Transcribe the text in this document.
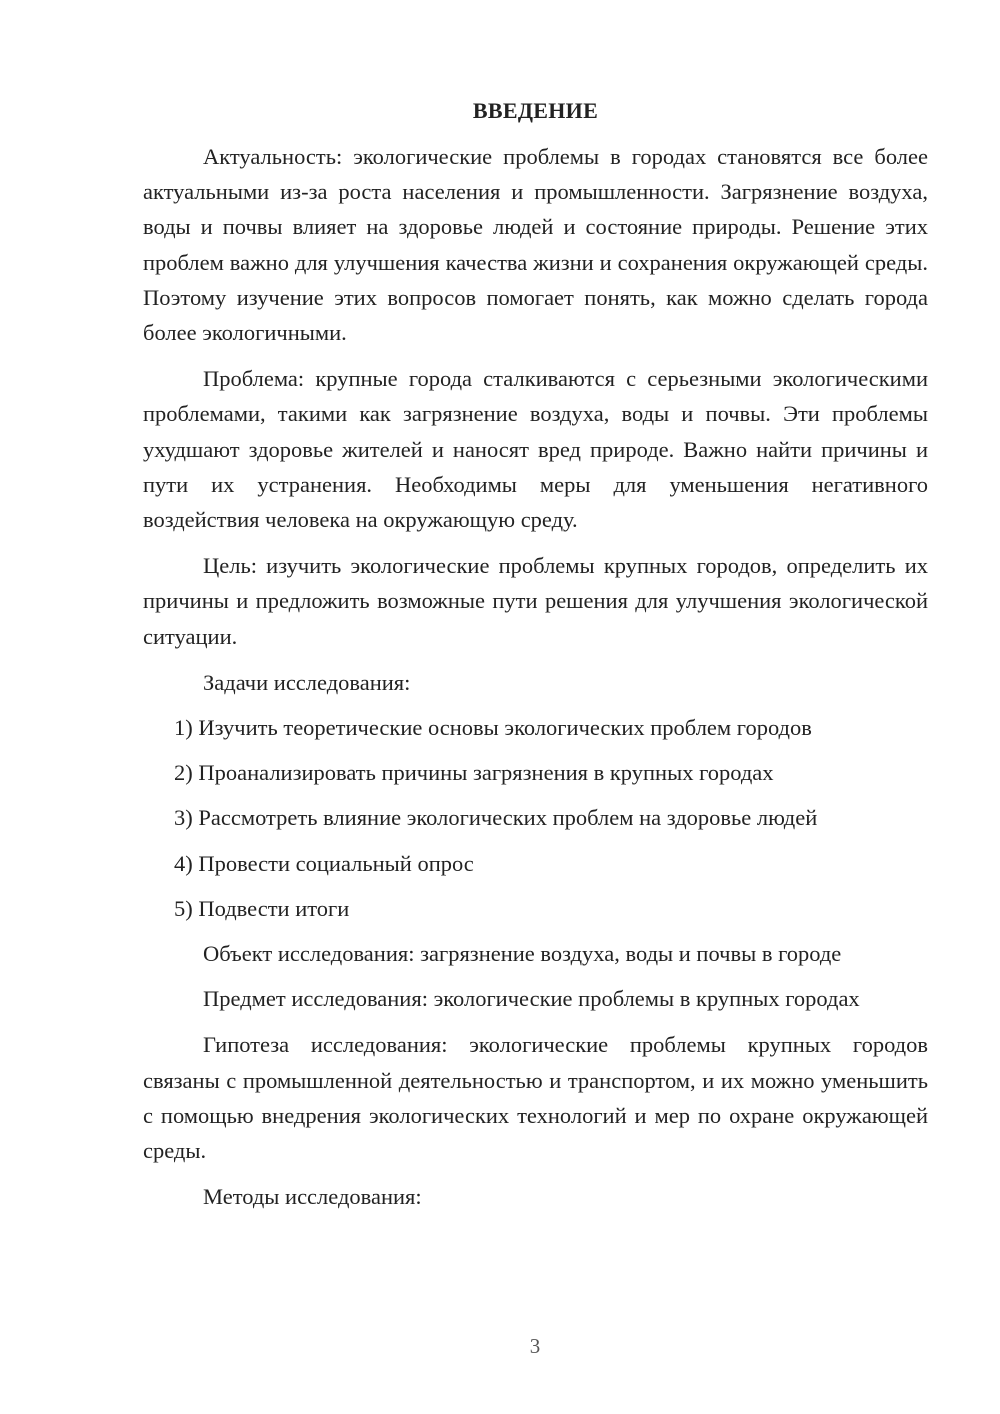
ВВЕДЕНИЕ

Актуальность: экологические проблемы в городах становятся все более актуальными из-за роста населения и промышленности. Загрязнение воздуха, воды и почвы влияет на здоровье людей и состояние природы. Решение этих проблем важно для улучшения качества жизни и сохранения окружающей среды. Поэтому изучение этих вопросов помогает понять, как можно сделать города более экологичными.

Проблема: крупные города сталкиваются с серьезными экологическими проблемами, такими как загрязнение воздуха, воды и почвы. Эти проблемы ухудшают здоровье жителей и наносят вред природе. Важно найти причины и пути их устранения. Необходимы меры для уменьшения негативного воздействия человека на окружающую среду.

Цель: изучить экологические проблемы крупных городов, определить их причины и предложить возможные пути решения для улучшения экологической ситуации.

Задачи исследования:

1) Изучить теоретические основы экологических проблем городов

2) Проанализировать причины загрязнения в крупных городах

3) Рассмотреть влияние экологических проблем на здоровье людей

4) Провести социальный опрос

5) Подвести итоги

Объект исследования: загрязнение воздуха, воды и почвы в городе

Предмет исследования: экологические проблемы в крупных городах

Гипотеза исследования: экологические проблемы крупных городов связаны с промышленной деятельностью и транспортом, и их можно уменьшить с помощью внедрения экологических технологий и мер по охране окружающей среды.

Методы исследования:

3
